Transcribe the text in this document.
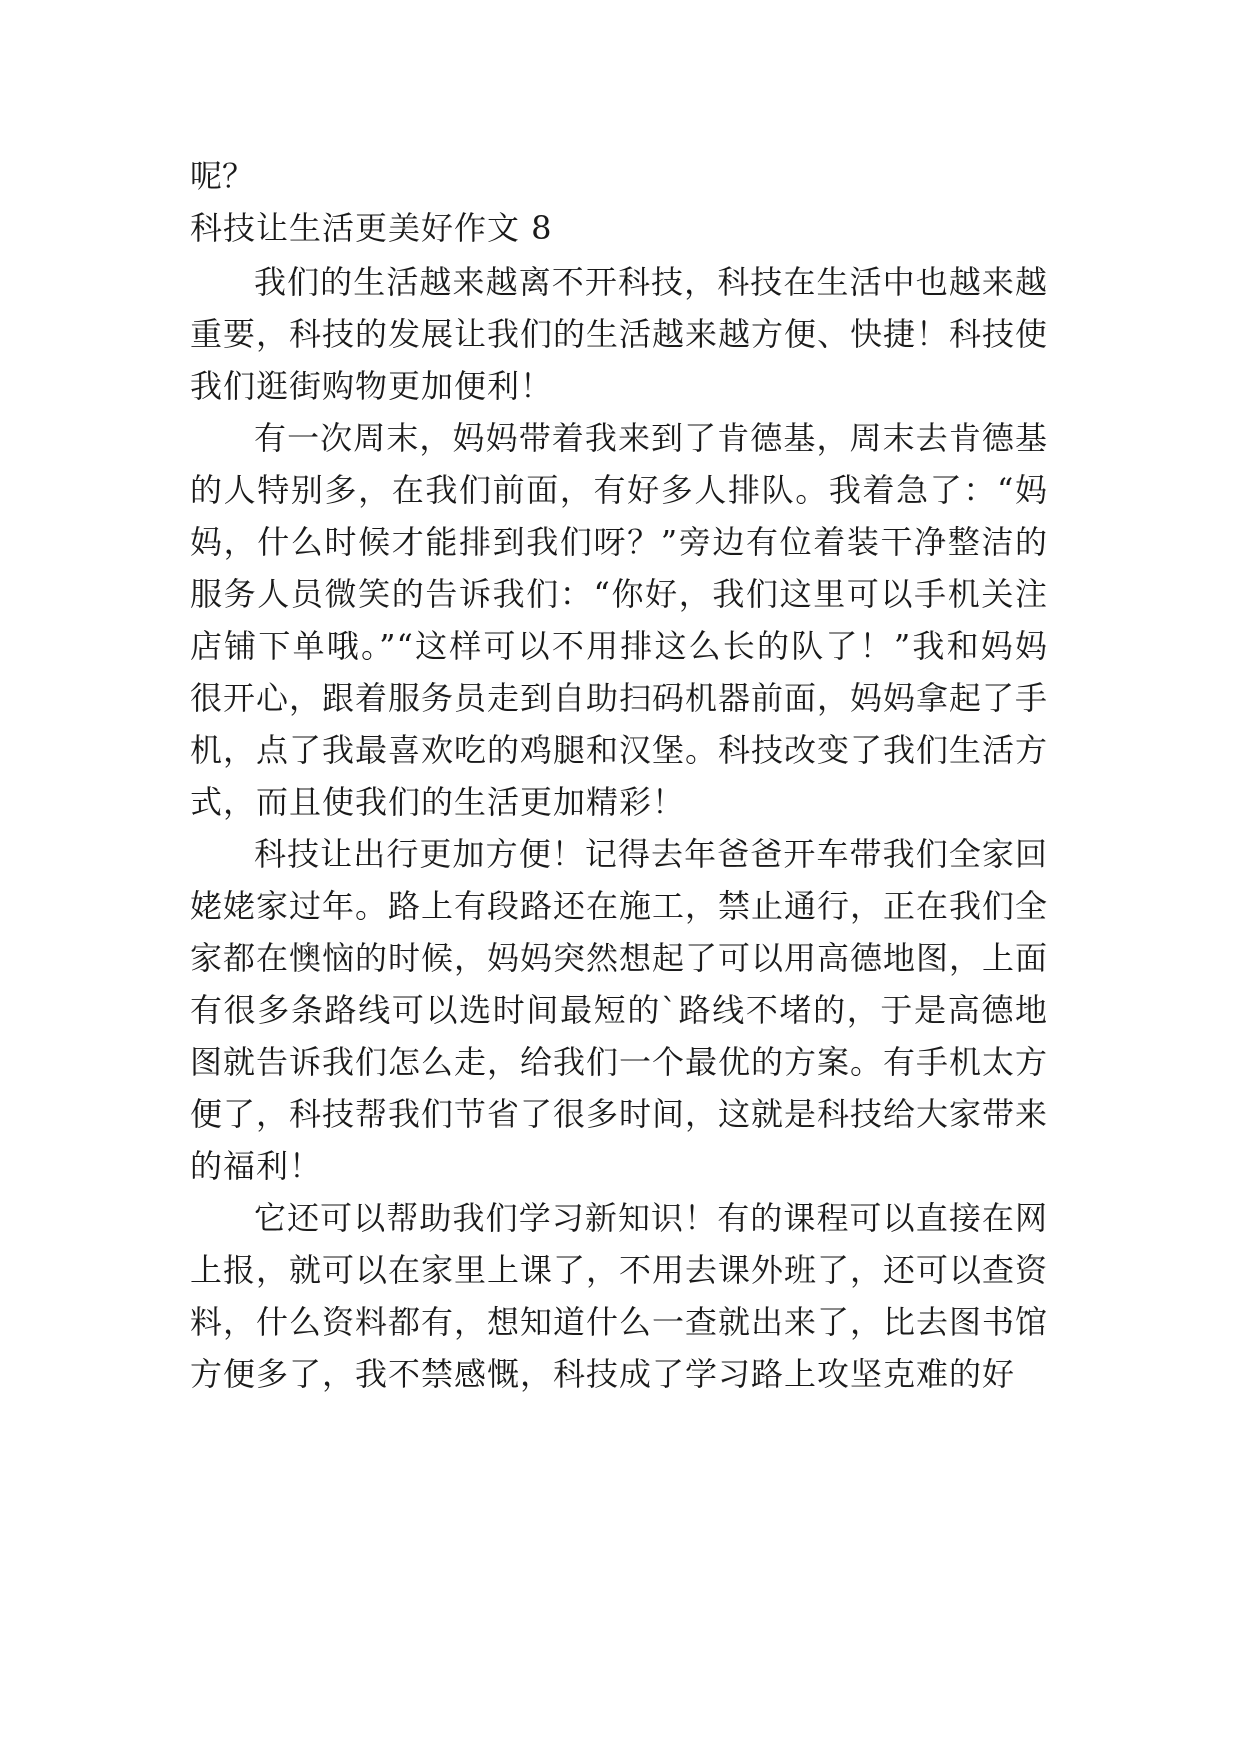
呢？

科技让生活更美好作文 8

我们的生活越来越离不开科技，科技在生活中也越来越重要，科技的发展让我们的生活越来越方便、快捷！科技使我们逛街购物更加便利！

有一次周末，妈妈带着我来到了肯德基，周末去肯德基的人特别多，在我们前面，有好多人排队。我着急了：“妈妈，什么时候才能排到我们呀？”旁边有位着装干净整洁的服务人员微笑的告诉我们：“你好，我们这里可以手机关注店铺下单哦。”“这样可以不用排这么长的队了！”我和妈妈很开心，跟着服务员走到自助扫码机器前面，妈妈拿起了手机，点了我最喜欢吃的鸡腿和汉堡。科技改变了我们生活方式，而且使我们的生活更加精彩！

科技让出行更加方便！记得去年爸爸开车带我们全家回姥姥家过年。路上有段路还在施工，禁止通行，正在我们全家都在懊恼的时候，妈妈突然想起了可以用高德地图，上面有很多条路线可以选时间最短的`路线不堵的，于是高德地图就告诉我们怎么走，给我们一个最优的方案。有手机太方便了，科技帮我们节省了很多时间，这就是科技给大家带来的福利！

它还可以帮助我们学习新知识！有的课程可以直接在网上报，就可以在家里上课了，不用去课外班了，还可以查资料，什么资料都有，想知道什么一查就出来了，比去图书馆方便多了，我不禁感慨，科技成了学习路上攻坚克难的好
